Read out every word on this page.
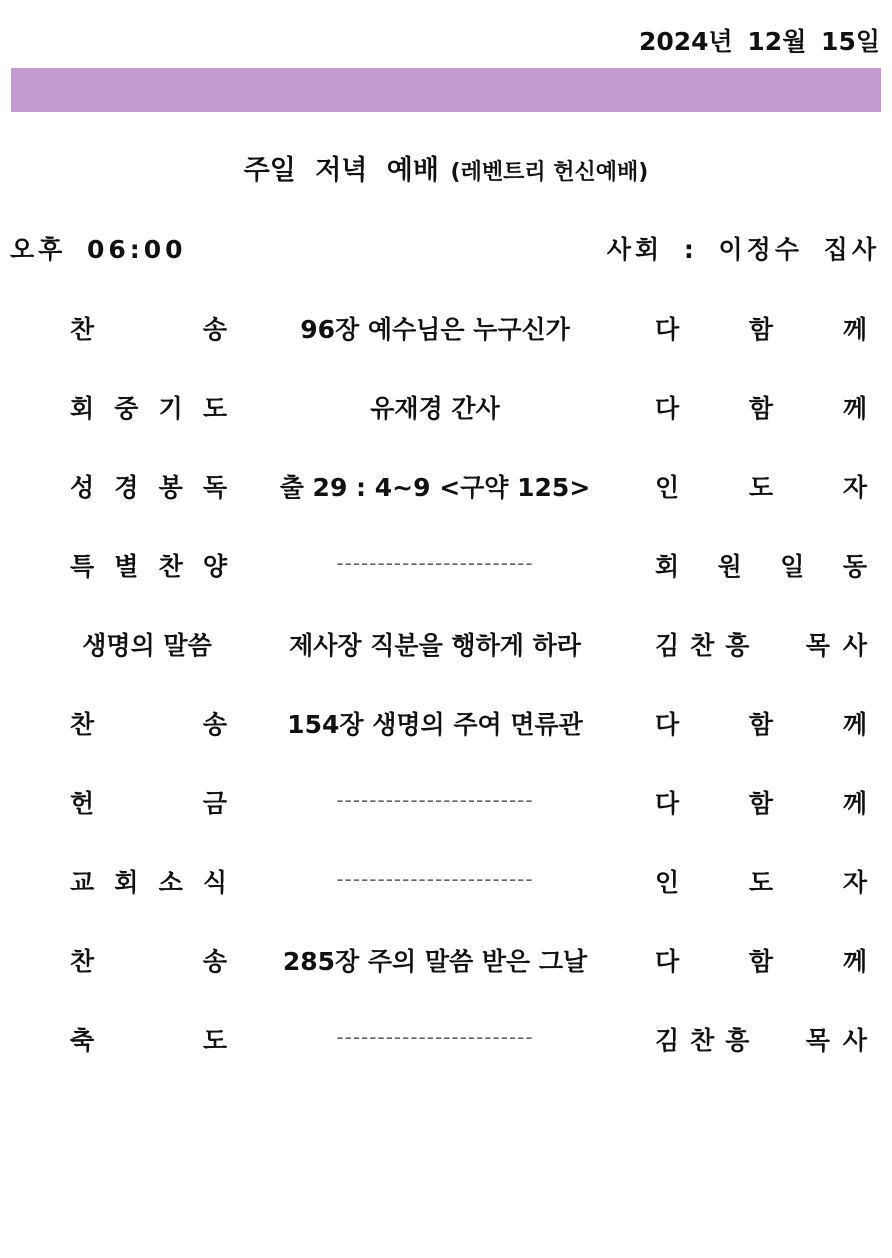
2024년 12월 15일
주일 저녁 예배 (레벤트리 헌신예배)
오후 06:00	사회 : 이정수 집사
찬	송	96장 예수님은 누구신가	다	함	께
회 중 기 도	유재경 간사	다	함	께
성 경 봉 독	출 29 : 4~9 <구약 125>	인	도	자
특 별 찬 양	------------------------	회 원 일 동
생명의 말씀	제사장 직분을 행하게 하라	김찬흥 목사
찬	송	154장 생명의 주여 면류관	다	함	께
헌	금	------------------------	다	함	께
교 회 소 식	------------------------	인	도	자
찬	송	285장 주의 말씀 받은 그날	다	함	께
축	도	------------------------	김찬흥 목사
